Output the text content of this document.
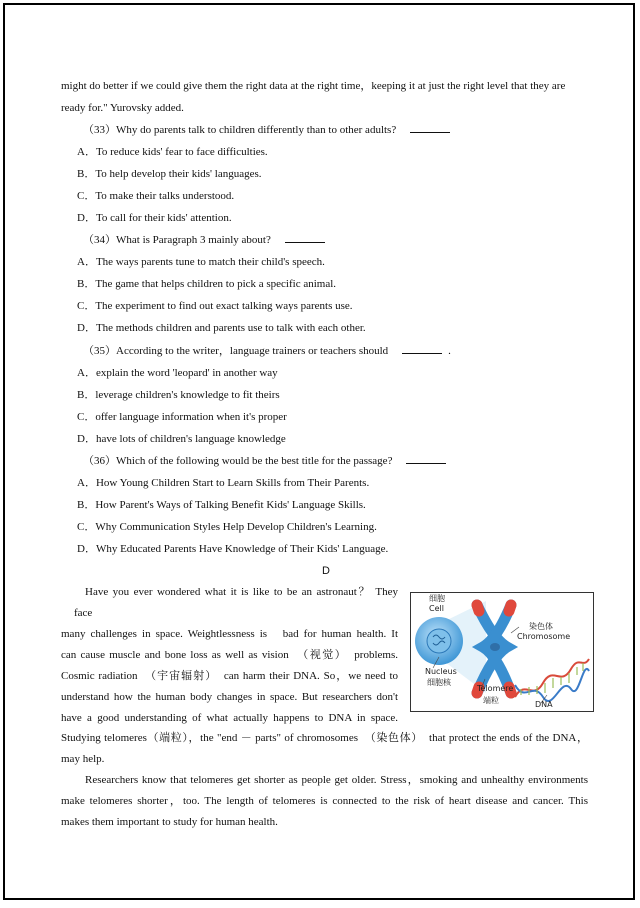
might do better if we could give them the right data at the right time，keeping it at just the right level that they are
ready for." Yurovsky added.
（33）Why do parents talk to children differently than to other adults?
A．To reduce kids' fear to face difficulties.
B．To help develop their kids' languages.
C．To make their talks understood.
D．To call for their kids' attention.
（34）What is Paragraph 3 mainly about?
A．The ways parents tune to match their child's speech.
B．The game that helps children to pick a specific animal.
C．The experiment to find out exact talking ways parents use.
D．The methods children and parents use to talk with each other.
（35）According to the writer，language trainers or teachers should	.
A．explain the word 'leopard' in another way
B．leverage children's knowledge to fit theirs
C．offer language information when it's proper
D．have lots of children's language knowledge
（36）Which of the following would be the best title for the passage?
A．How Young Children Start to Learn Skills from Their Parents.
B．How Parent's Ways of Talking Benefit Kids' Language Skills.
C．Why Communication Styles Help Develop Children's Learning.
D．Why Educated Parents Have Knowledge of Their Kids' Language.
D
Have you ever wondered what it is like to be an astronaut？ They
face
many challenges in space. Weightlessness is　bad for human health. It
can cause muscle and bone loss as well as vision　（视觉）　problems.
Cosmic radiation　（宇宙辐射）　can harm their DNA. So，we need to
understand how the human body changes in space. But researchers don't
have a good understanding of what actually happens to DNA in space.
Studying telomeres（端粒），the "end － parts" of chromosomes　（染色体）　that protect the ends of the DNA，
may help.
Researchers know that telomeres get shorter as people get older. Stress，smoking and unhealthy environments
make telomeres shorter，too. The length of telomeres is connected to the risk of heart disease and cancer. This
makes them important to study for human health.
细胞
Cell
染色体
Chromosome
Nucleus
细胞核
Telomere
端粒	DNA
